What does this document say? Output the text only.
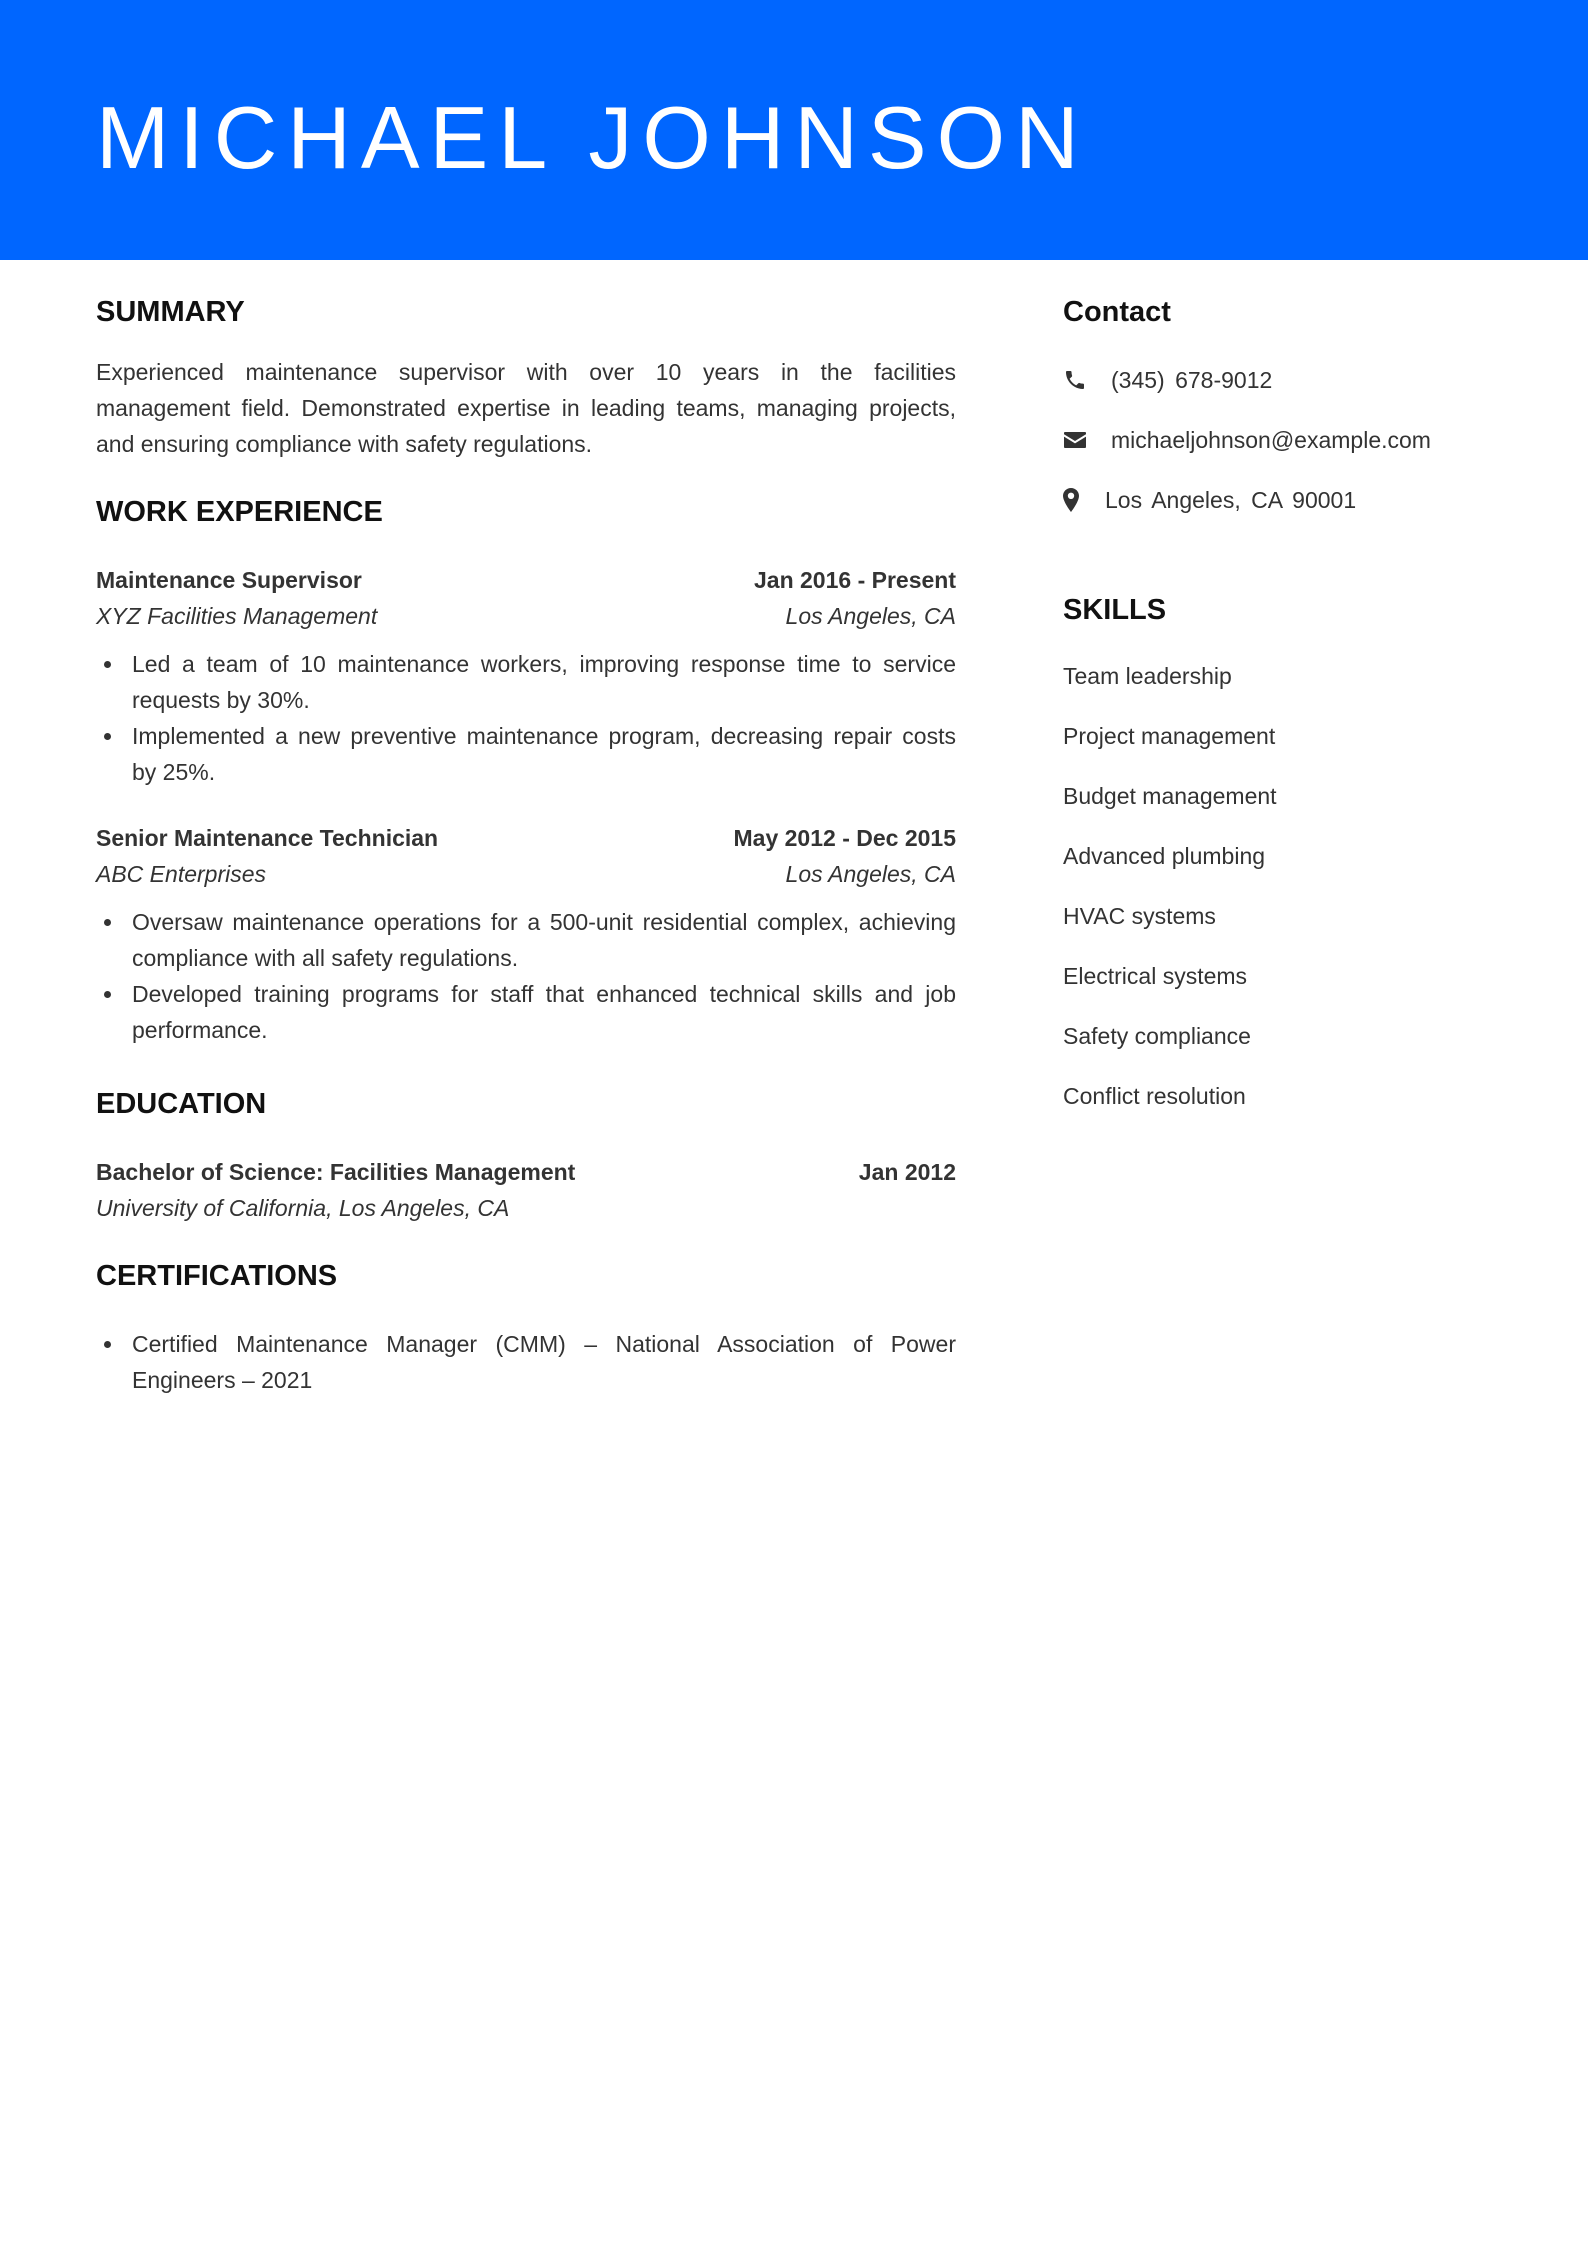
MICHAEL JOHNSON
SUMMARY

Experienced maintenance supervisor with over 10 years in the facilities management field. Demonstrated expertise in leading teams, managing projects, and ensuring compliance with safety regulations.

WORK EXPERIENCE
Maintenance Supervisor	Jan 2016 - Present
XYZ Facilities Management	Los Angeles, CA
Led a team of 10 maintenance workers, improving response time to service requests by 30%.
Implemented a new preventive maintenance program, decreasing repair costs by 25%.
Senior Maintenance Technician	May 2012 - Dec 2015
ABC Enterprises	Los Angeles, CA
Oversaw maintenance operations for a 500-unit residential complex, achieving compliance with all safety regulations.
Developed training programs for staff that enhanced technical skills and job performance.
EDUCATION
Bachelor of Science: Facilities Management	Jan 2012
University of California, Los Angeles, CA
CERTIFICATIONS
Certified Maintenance Manager (CMM) – National Association of Power Engineers – 2021
Contact
(345) 678-9012
michaeljohnson@example.com
Los Angeles, CA 90001
SKILLS
Team leadership
Project management
Budget management
Advanced plumbing
HVAC systems
Electrical systems
Safety compliance
Conflict resolution
